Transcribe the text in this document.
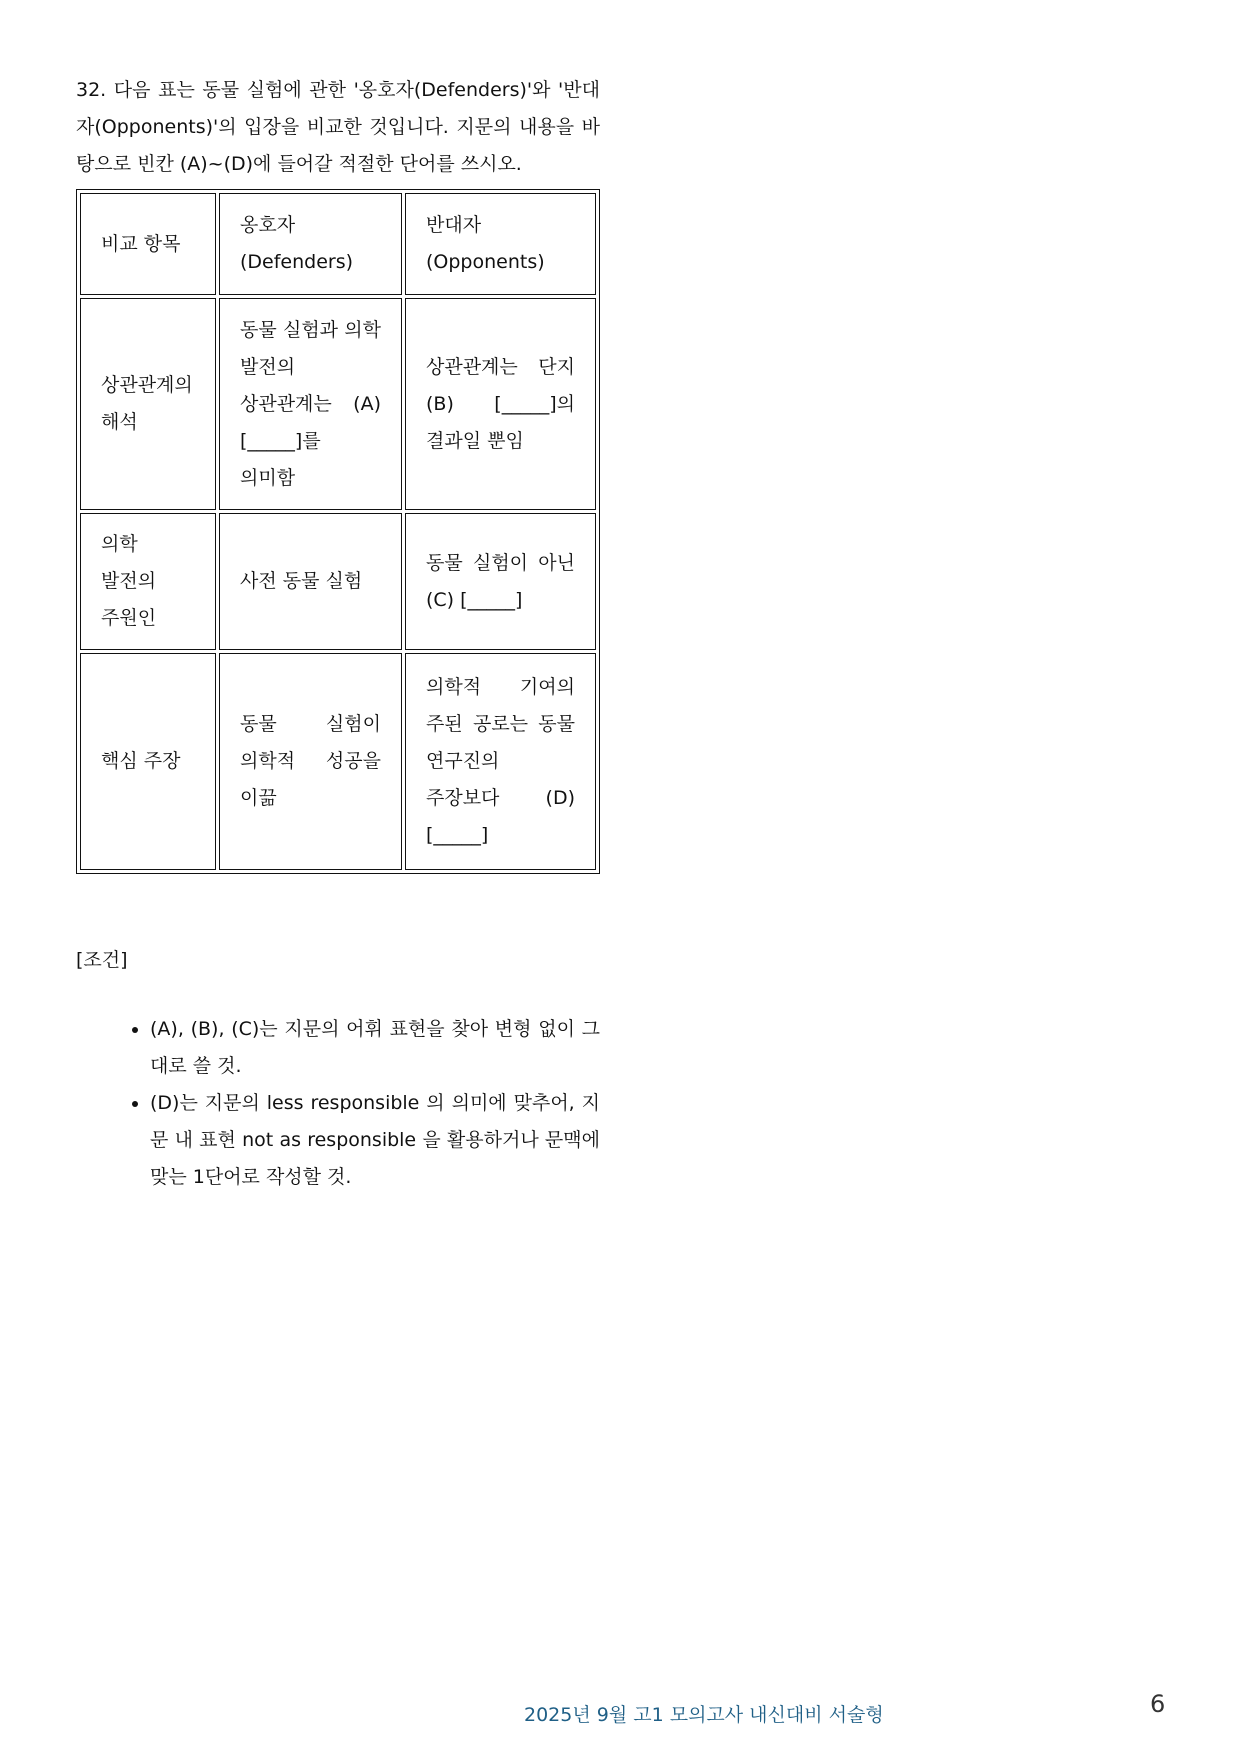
32. 다음 표는 동물 실험에 관한 '옹호자(Defenders)'와 '반대자(Opponents)'의 입장을 비교한 것입니다. 지문의 내용을 바탕으로 빈칸 (A)~(D)에 들어갈 적절한 단어를 쓰시오.

비교 항목	옹호자 (Defenders)	반대자 (Opponents)
상관관계의 해석	동물 실험과 의학 발전의 상관관계는 (A) [_____]를 의미함	상관관계는 단지 (B) [_____]의 결과일 뿐임
의학 발전의 주원인	사전 동물 실험	동물 실험이 아닌 (C) [_____]
핵심 주장	동물 실험이 의학적 성공을 이끎	의학적 기여의 주된 공로는 동물 연구진의 주장보다 (D) [_____]
[조건]
• (A), (B), (C)는 지문의 어휘 표현을 찾아 변형 없이 그대로 쓸 것.
• (D)는 지문의 less responsible 의 의미에 맞추어, 지문 내 표현 not as responsible 을 활용하거나 문맥에 맞는 1단어로 작성할 것.
2025년 9월 고1 모의고사 내신대비 서술형	6
